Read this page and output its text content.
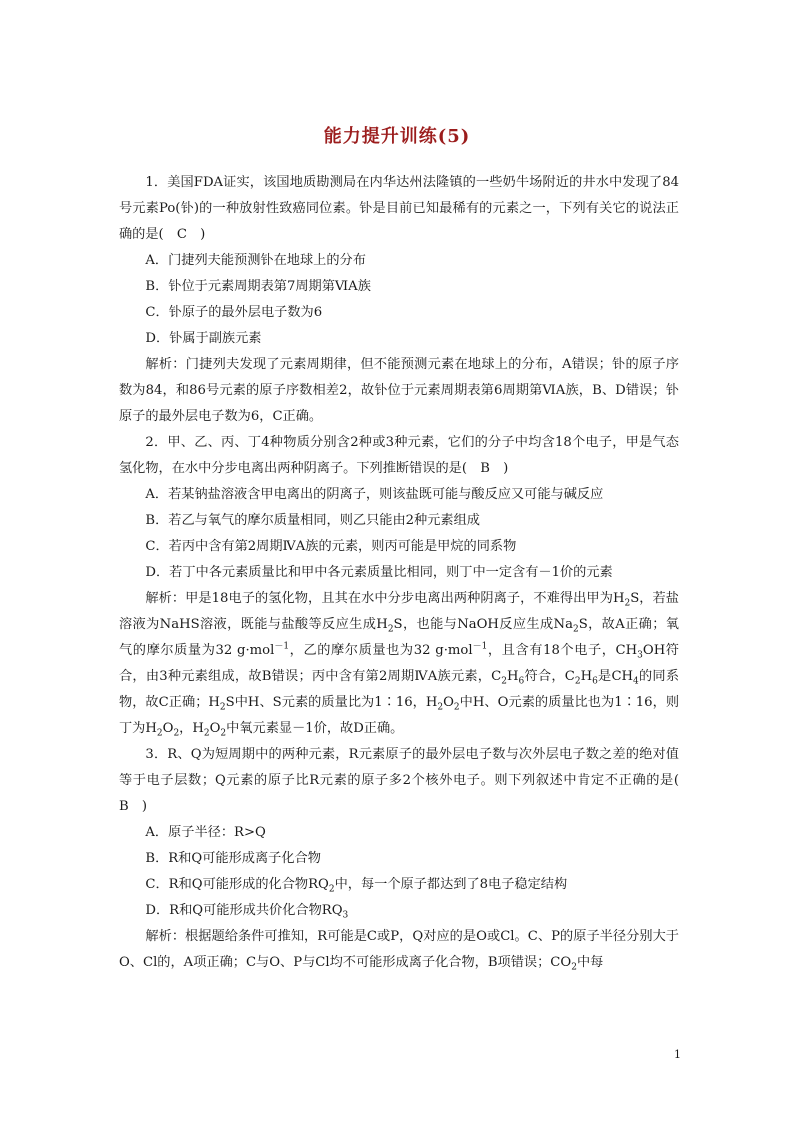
能力提升训练(5)

1．美国FDA证实，该国地质勘测局在内华达州法隆镇的一些奶牛场附近的井水中发现了84号元素Po(钋)的一种放射性致癌同位素。钋是目前已知最稀有的元素之一，下列有关它的说法正确的是(　C　)

A．门捷列夫能预测钋在地球上的分布

B．钋位于元素周期表第7周期第ⅥA族

C．钋原子的最外层电子数为6

D．钋属于副族元素

解析：门捷列夫发现了元素周期律，但不能预测元素在地球上的分布，A错误；钋的原子序数为84，和86号元素的原子序数相差2，故钋位于元素周期表第6周期第ⅥA族，B、D错误；钋原子的最外层电子数为6，C正确。

2．甲、乙、丙、丁4种物质分别含2种或3种元素，它们的分子中均含18个电子，甲是气态氢化物，在水中分步电离出两种阴离子。下列推断错误的是(　B　)

A．若某钠盐溶液含甲电离出的阴离子，则该盐既可能与酸反应又可能与碱反应

B．若乙与氧气的摩尔质量相同，则乙只能由2种元素组成

C．若丙中含有第2周期ⅣA族的元素，则丙可能是甲烷的同系物

D．若丁中各元素质量比和甲中各元素质量比相同，则丁中一定含有－1价的元素

解析：甲是18电子的氢化物，且其在水中分步电离出两种阴离子，不难得出甲为$H_2S$，若盐溶液为NaHS溶液，既能与盐酸等反应生成$H_2S$，也能与NaOH反应生成$Na_2S$，故A正确；氧气的摩尔质量为32 g·mol$^{-1}$，乙的摩尔质量也为32 g·mol$^{-1}$，且含有18个电子，$CH_3OH$符合，由3种元素组成，故B错误；丙中含有第2周期ⅣA族元素，$C_2H_6$符合，$C_2H_6$是$CH_4$的同系物，故C正确；$H_2S$中H、S元素的质量比为1∶16，$H_2O_2$中H、O元素的质量比也为1∶16，则丁为$H_2O_2$，$H_2O_2$中氧元素显－1价，故D正确。

3．R、Q为短周期中的两种元素，R元素原子的最外层电子数与次外层电子数之差的绝对值等于电子层数；Q元素的原子比R元素的原子多2个核外电子。则下列叙述中肯定不正确的是(　B　)

A．原子半径：R>Q

B．R和Q可能形成离子化合物

C．R和Q可能形成的化合物$RQ_2$中，每一个原子都达到了8电子稳定结构

D．R和Q可能形成共价化合物$RQ_3$

解析：根据题给条件可推知，R可能是C或P，Q对应的是O或Cl。C、P的原子半径分别大于O、Cl的，A项正确；C与O、P与Cl均不可能形成离子化合物，B项错误；$CO_2$中每

1
